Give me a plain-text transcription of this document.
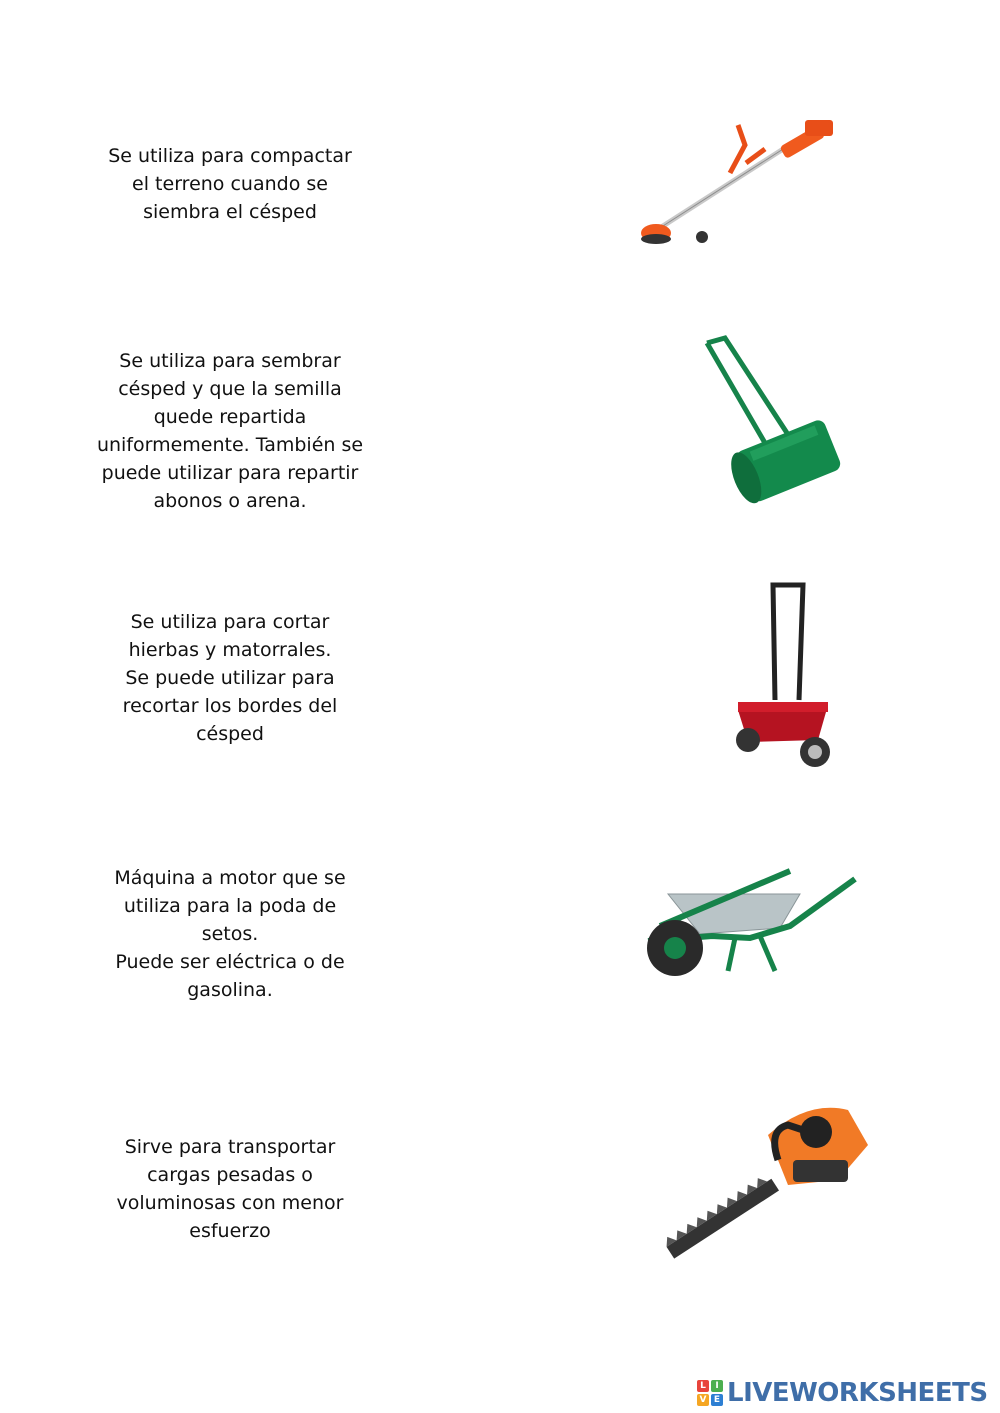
Se utiliza para compactar
el terreno cuando se
siembra el césped
Se utiliza para sembrar
césped y que la semilla
quede repartida
uniformemente. También se
puede utilizar para repartir
abonos o arena.
Se utiliza para cortar
hierbas y matorrales.
Se puede utilizar para
recortar los bordes del
césped
Máquina a motor que se
utiliza para la poda de
setos.
Puede ser eléctrica o de
gasolina.
Sirve para transportar
cargas pesadas o
voluminosas con menor
esfuerzo
L	I
V E LIVEWORKSHEETS
